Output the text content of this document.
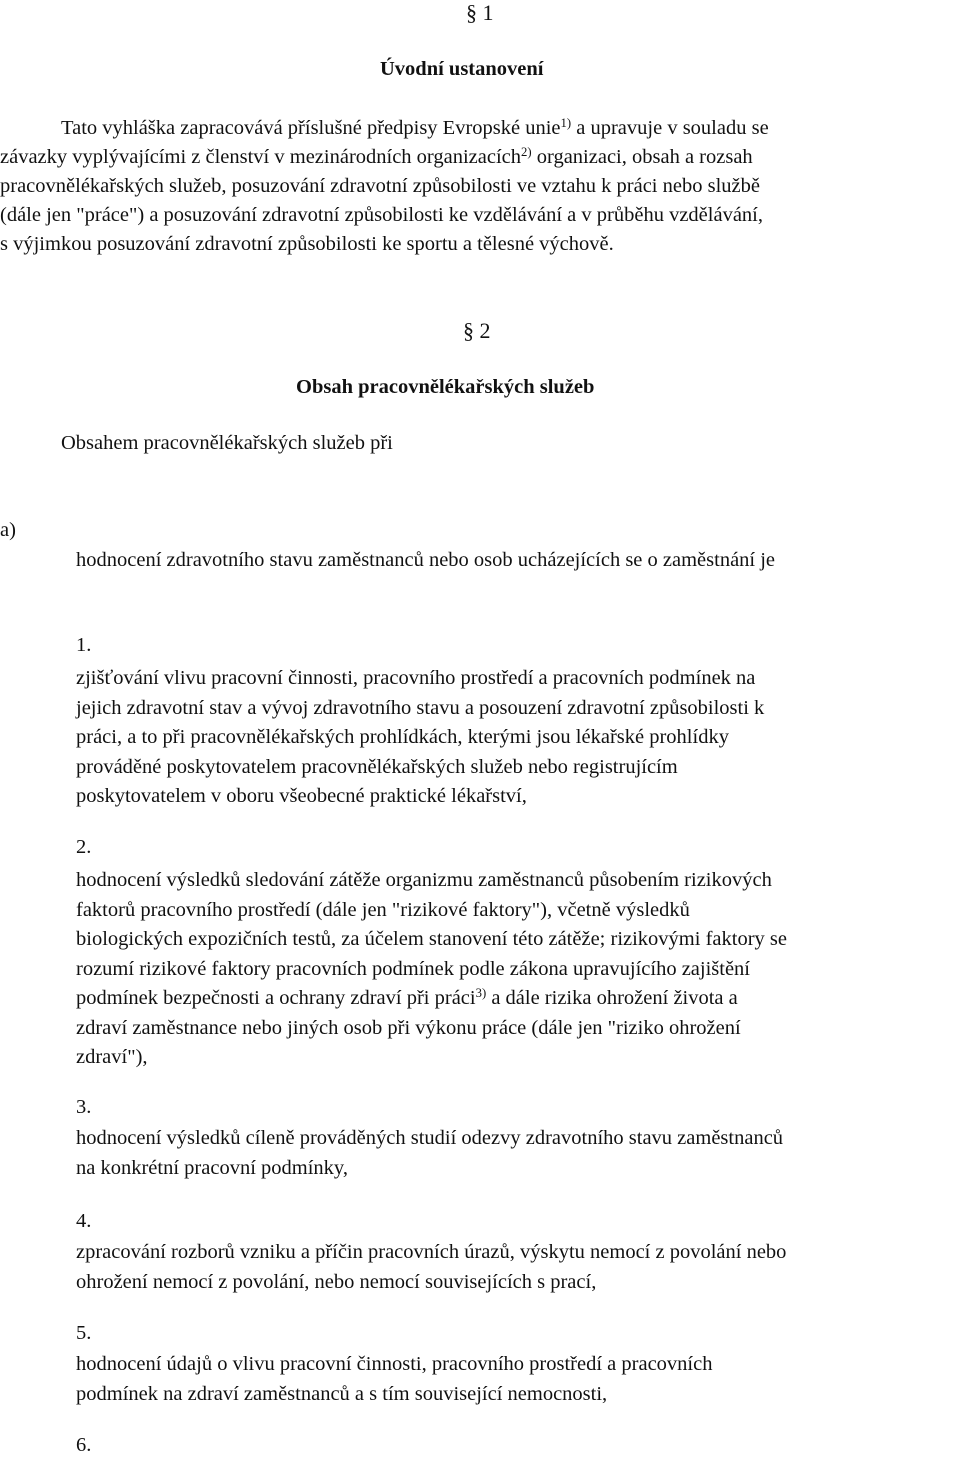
§ 1
Úvodní ustanovení
Tato vyhláška zapracovává příslušné předpisy Evropské unie$^{1)}$ a upravuje v souladu se
závazky vyplývajícími z členství v mezinárodních organizacích$^{2)}$ organizaci, obsah a rozsah
pracovnělékařských služeb, posuzování zdravotní způsobilosti ve vztahu k práci nebo službě
(dále jen "práce") a posuzování zdravotní způsobilosti ke vzdělávání a v průběhu vzdělávání,
s výjimkou posuzování zdravotní způsobilosti ke sportu a tělesné výchově.
§ 2
Obsah pracovnělékařských služeb
Obsahem pracovnělékařských služeb při
a)
hodnocení zdravotního stavu zaměstnanců nebo osob ucházejících se o zaměstnání je
1.
zjišťování vlivu pracovní činnosti, pracovního prostředí a pracovních podmínek na
jejich zdravotní stav a vývoj zdravotního stavu a posouzení zdravotní způsobilosti k
práci, a to při pracovnělékařských prohlídkách, kterými jsou lékařské prohlídky
prováděné poskytovatelem pracovnělékařských služeb nebo registrujícím
poskytovatelem v oboru všeobecné praktické lékařství,
2.
hodnocení výsledků sledování zátěže organizmu zaměstnanců působením rizikových
faktorů pracovního prostředí (dále jen "rizikové faktory"), včetně výsledků
biologických expozičních testů, za účelem stanovení této zátěže; rizikovými faktory se
rozumí rizikové faktory pracovních podmínek podle zákona upravujícího zajištění
podmínek bezpečnosti a ochrany zdraví při práci$^{3)}$ a dále rizika ohrožení života a
zdraví zaměstnance nebo jiných osob při výkonu práce (dále jen "riziko ohrožení
zdraví"),
3.
hodnocení výsledků cíleně prováděných studií odezvy zdravotního stavu zaměstnanců
na konkrétní pracovní podmínky,
4.
zpracování rozborů vzniku a příčin pracovních úrazů, výskytu nemocí z povolání nebo
ohrožení nemocí z povolání, nebo nemocí souvisejících s prací,
5.
hodnocení údajů o vlivu pracovní činnosti, pracovního prostředí a pracovních
podmínek na zdraví zaměstnanců a s tím související nemocnosti,
6.
